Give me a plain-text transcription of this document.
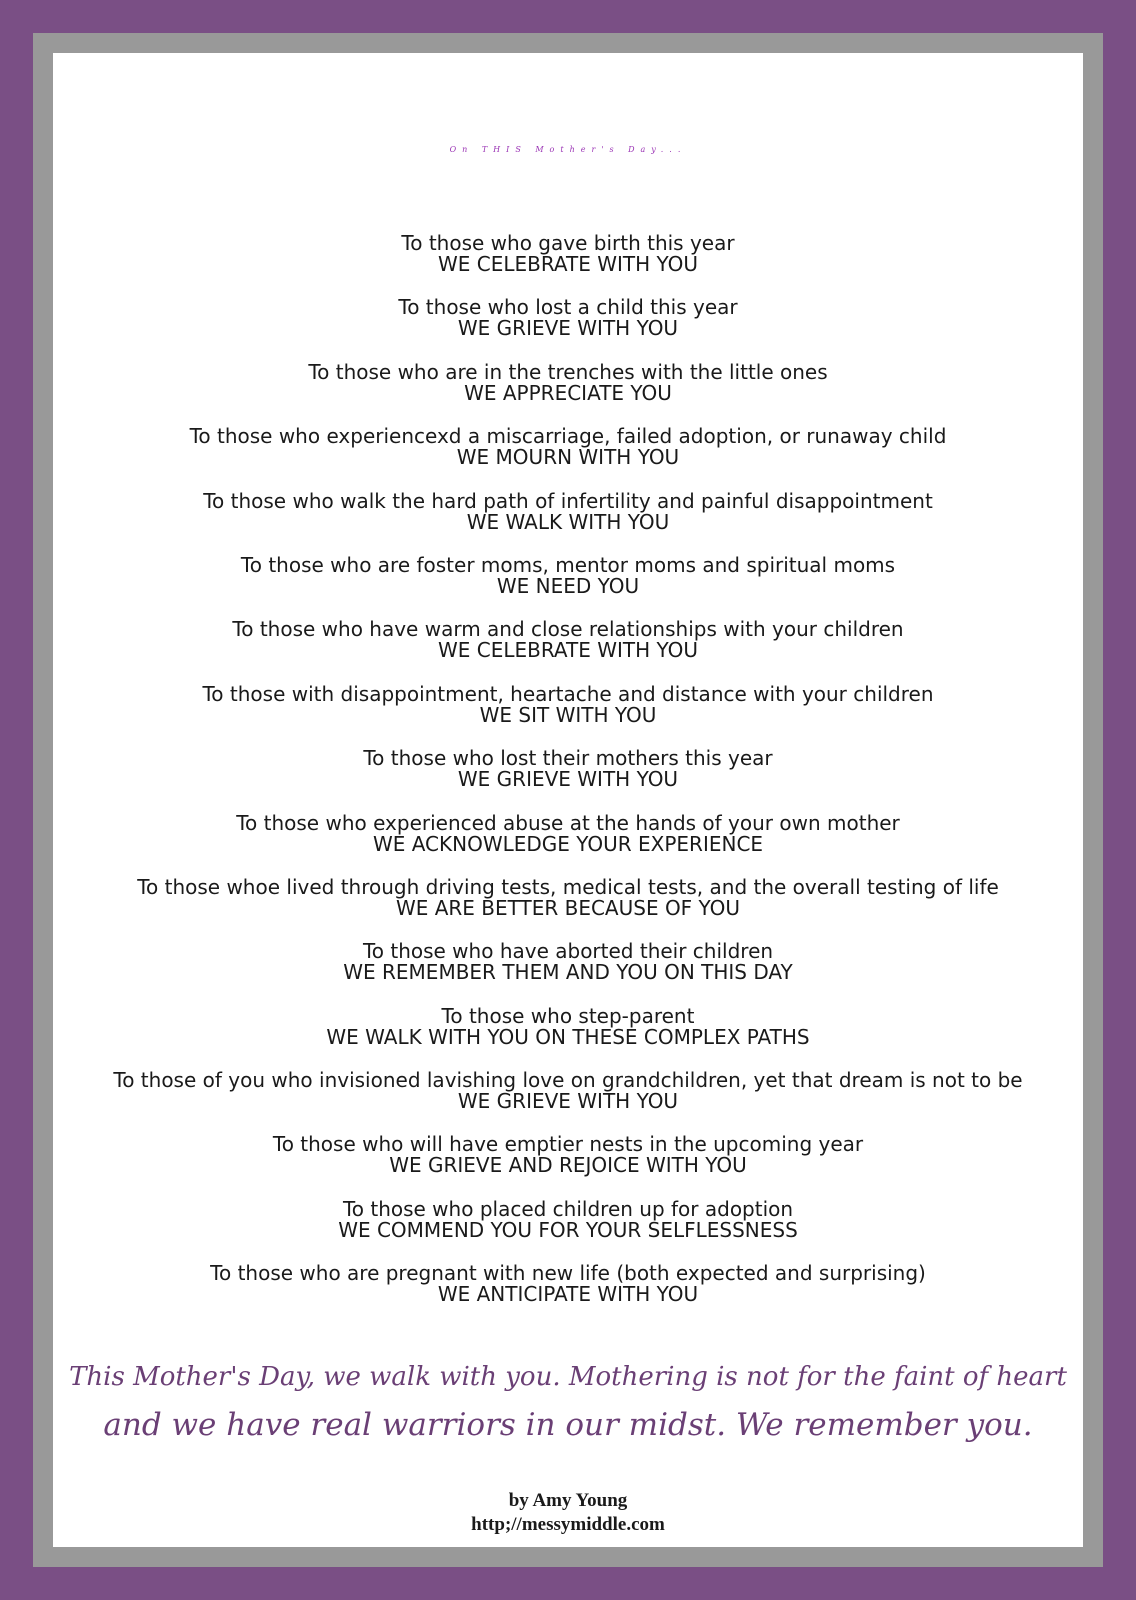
On THIS Mother's Day...
To those who gave birth this year
WE CELEBRATE WITH YOU
To those who lost a child this year
WE GRIEVE WITH YOU
To those who are in the trenches with the little ones
WE APPRECIATE YOU
To those who experiencexd a miscarriage, failed adoption, or runaway child
WE MOURN WITH YOU
To those who walk the hard path of infertility and painful disappointment
WE WALK WITH YOU
To those who are foster moms, mentor moms and spiritual moms
WE NEED YOU
To those who have warm and close relationships with your children
WE CELEBRATE WITH YOU
To those with disappointment, heartache and distance with your children
WE SIT WITH YOU
To those who lost their mothers this year
WE GRIEVE WITH YOU
To those who experienced abuse at the hands of your own mother
WE ACKNOWLEDGE YOUR EXPERIENCE
To those whoe lived through driving tests, medical tests, and the overall testing of life
WE ARE BETTER BECAUSE OF YOU
To those who have aborted their children
WE REMEMBER THEM AND YOU ON THIS DAY
To those who step-parent
WE WALK WITH YOU ON THESE COMPLEX PATHS
To those of you who invisioned lavishing love on grandchildren, yet that dream is not to be
WE GRIEVE WITH YOU
To those who will have emptier nests in the upcoming year
WE GRIEVE AND REJOICE WITH YOU
To those who placed children up for adoption
WE COMMEND YOU FOR YOUR SELFLESSNESS
To those who are pregnant with new life (both expected and surprising)
WE ANTICIPATE WITH YOU
This Mother's Day, we walk with you. Mothering is not for the faint of heart
and we have real warriors in our midst. We remember you.
by Amy Young
http;//messymiddle.com
